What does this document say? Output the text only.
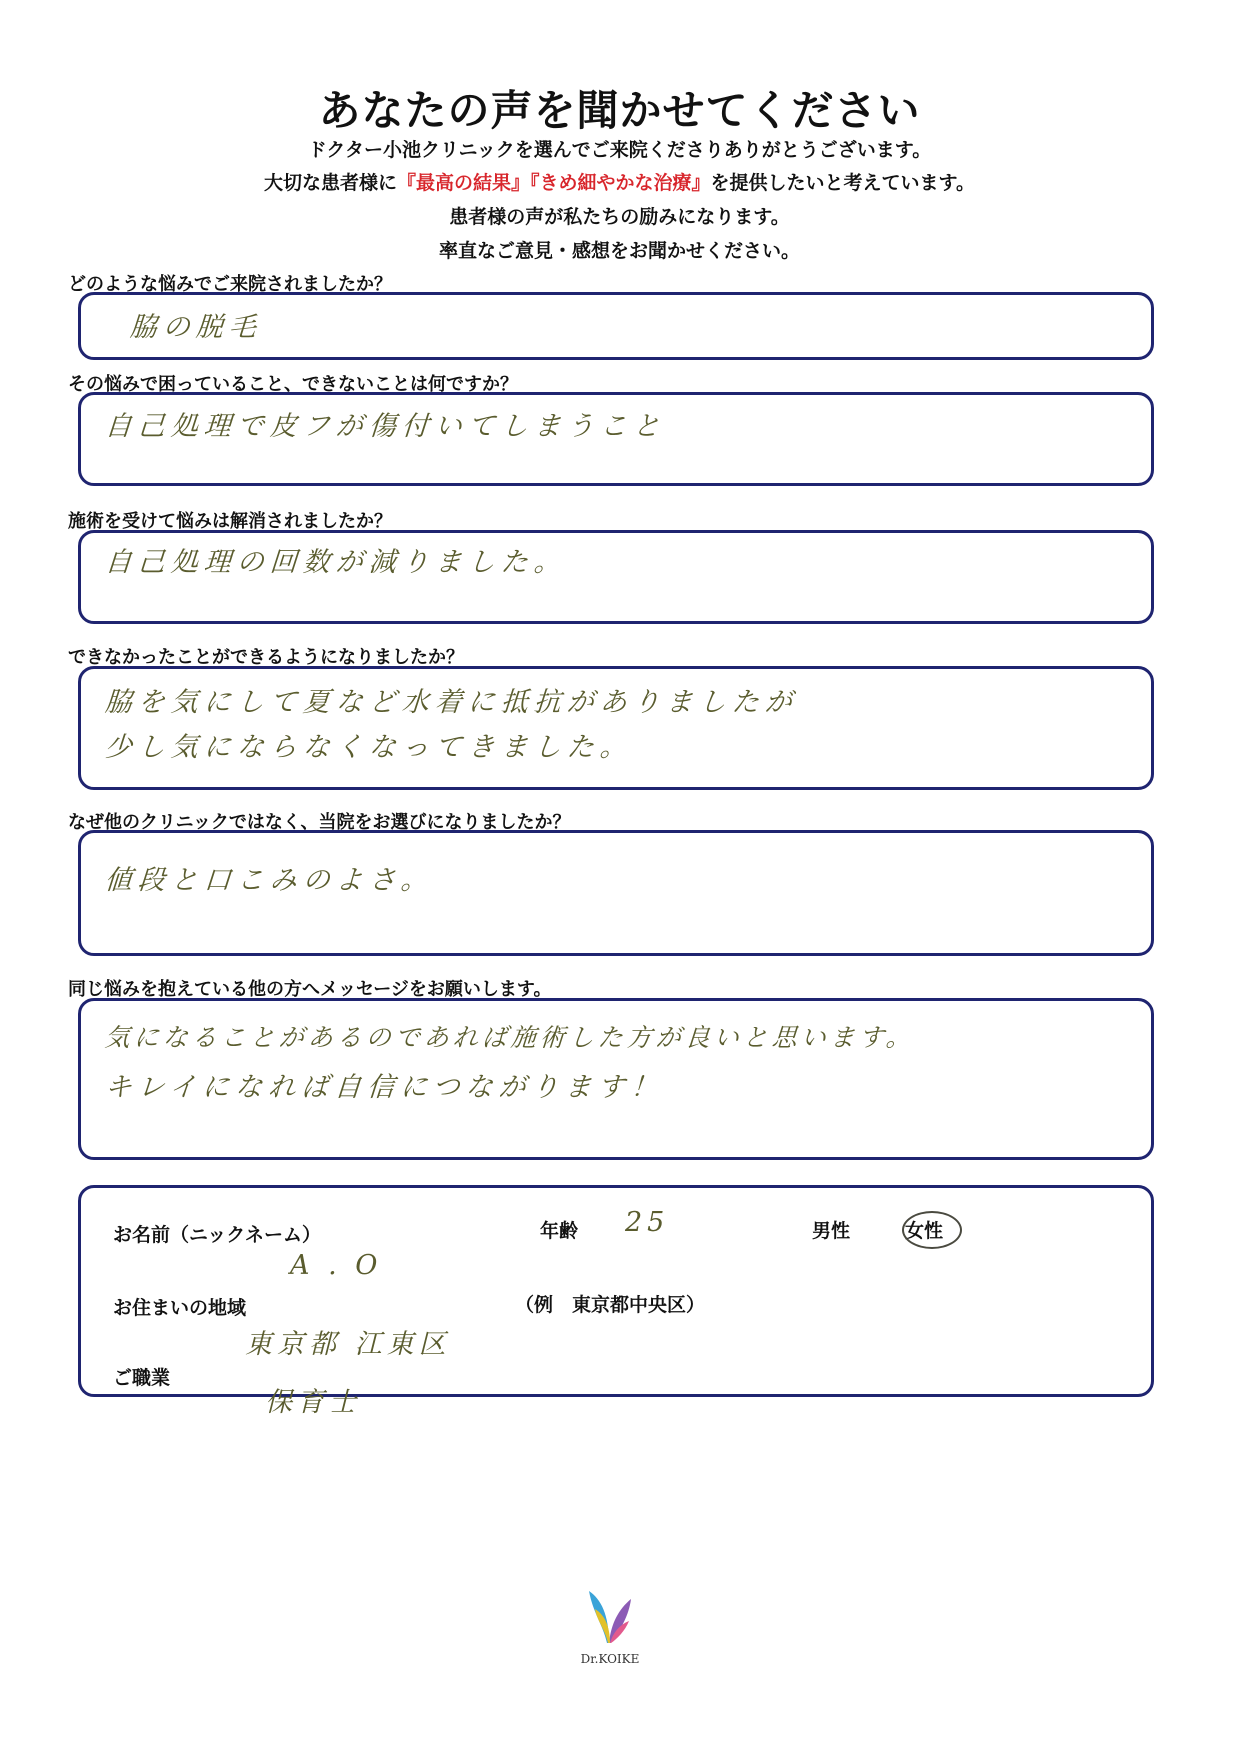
あなたの声を聞かせてください
ドクター小池クリニックを選んでご来院くださりありがとうございます。
大切な患者様に『最高の結果』『きめ細やかな治療』を提供したいと考えています。
患者様の声が私たちの励みになります。
率直なご意見・感想をお聞かせください。
どのような悩みでご来院されましたか？
脇の脱毛
その悩みで困っていること、できないことは何ですか？
自己処理で皮フが傷付いてしまうこと
施術を受けて悩みは解消されましたか？
自己処理の回数が減りました。
できなかったことができるようになりましたか？
脇を気にして夏など水着に抵抗がありましたが
少し気にならなくなってきました。
なぜ他のクリニックではなく、当院をお選びになりましたか？
値段と口こみのよさ。
同じ悩みを抱えている他の方へメッセージをお願いします。
気になることがあるのであれば施術した方が良いと思います。
キレイになれば自信につながります！
お名前（ニックネーム）
A . O
年齢 25	男性	女性
お住まいの地域	（例　東京都中央区）
東京都 江東区
ご職業
保育士
Dr.KOIKE
